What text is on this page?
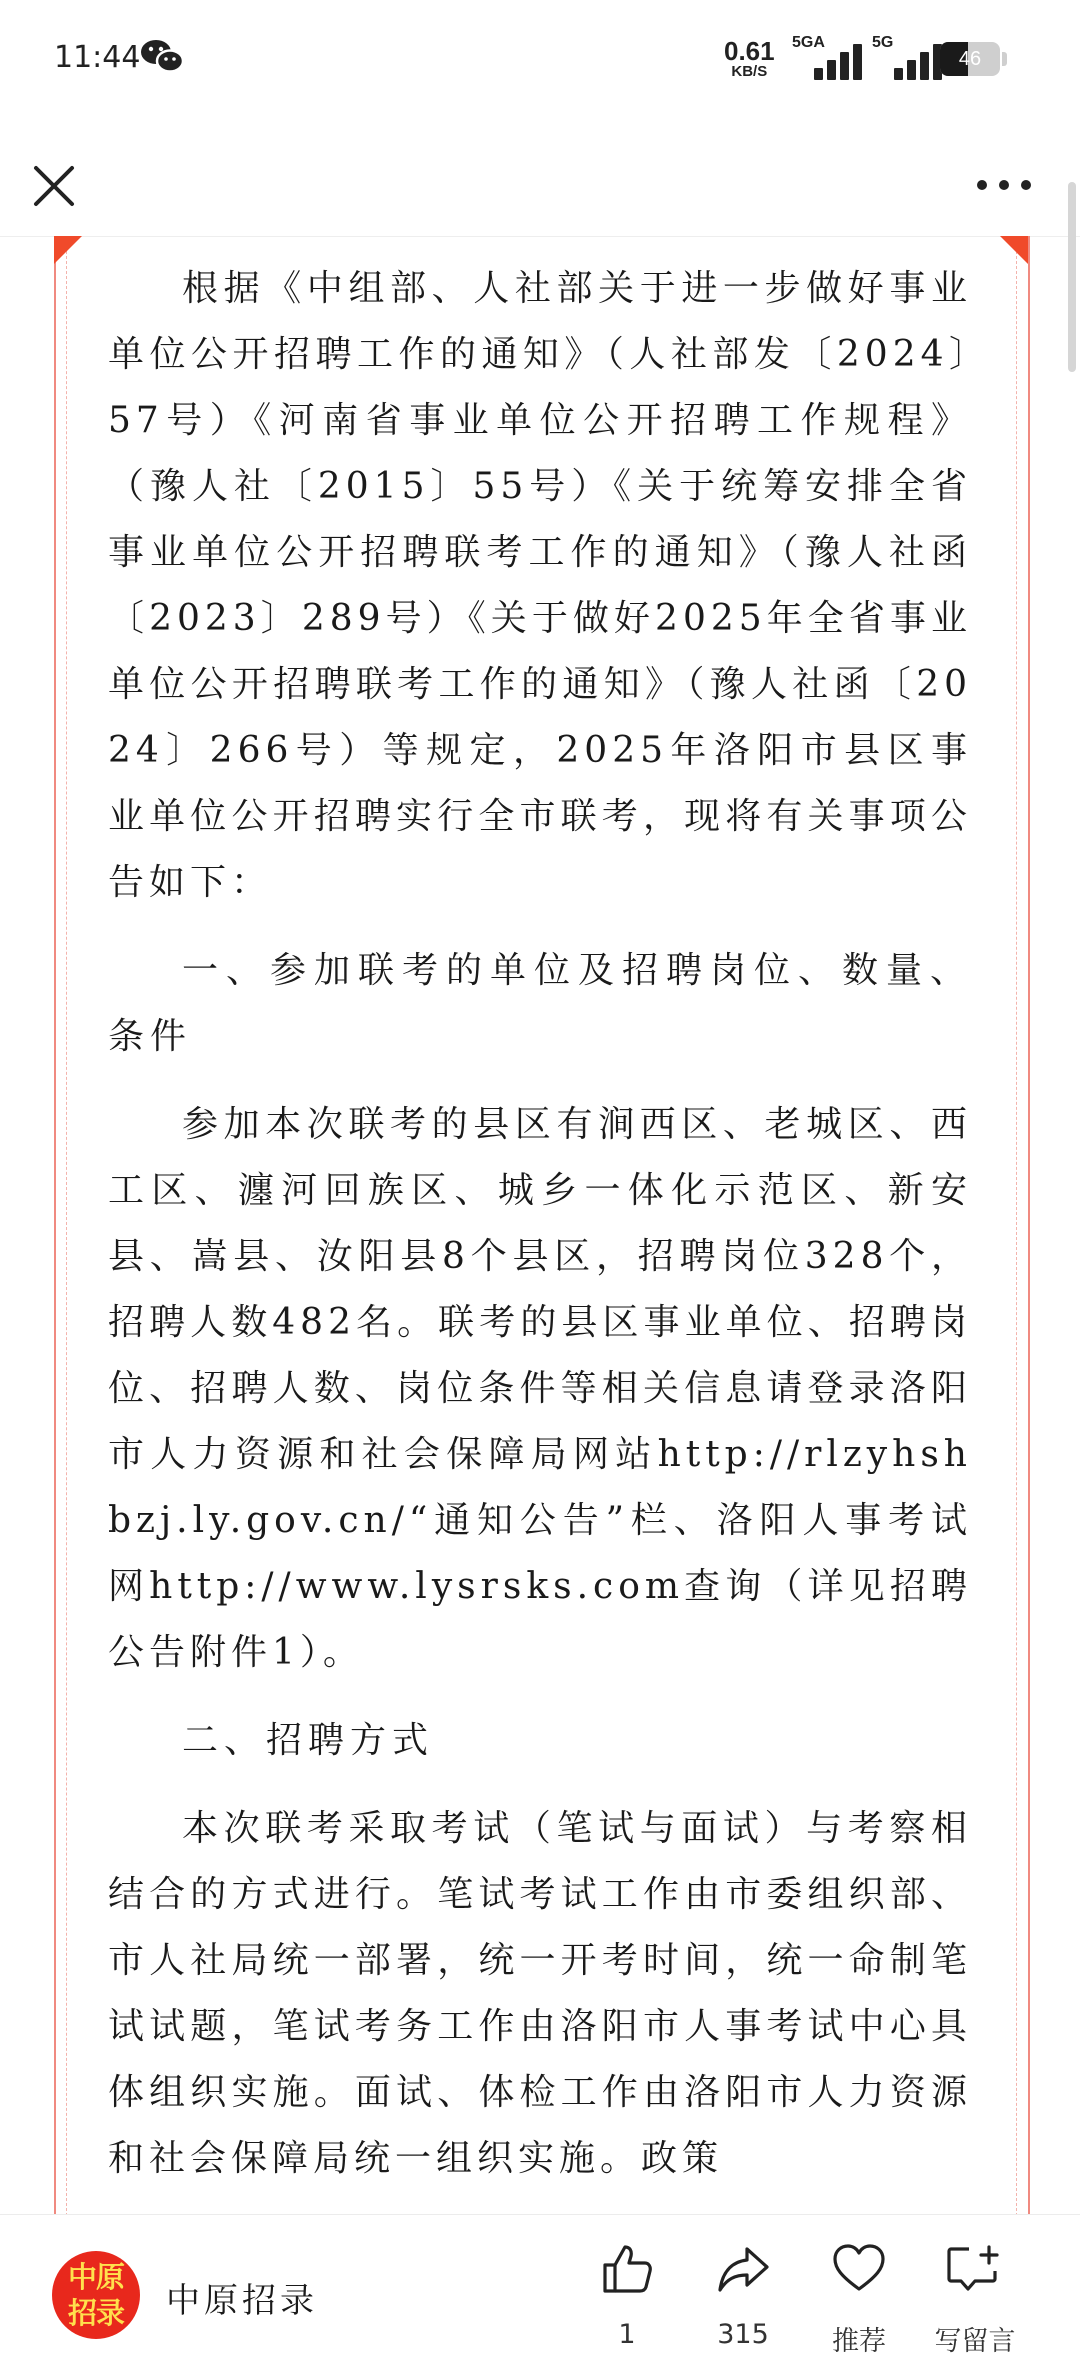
11:44	0.61
KB/S
5GA	5G
46

根据《中组部、人社部关于进一步做好事业单位公开招聘工作的通知》（人社部发〔2024〕57号）《河南省事业单位公开招聘工作规程》（豫人社〔2015〕55号）《关于统筹安排全省事业单位公开招聘联考工作的通知》（豫人社函〔2023〕289号）《关于做好2025年全省事业单位公开招聘联考工作的通知》（豫人社函〔2024〕266号）等规定，2025年洛阳市县区事业单位公开招聘实行全市联考，现将有关事项公告如下：

一、参加联考的单位及招聘岗位、数量、条件

参加本次联考的县区有涧西区、老城区、西工区、瀍河回族区、城乡一体化示范区、新安县、嵩县、汝阳县8个县区，招聘岗位328个，招聘人数482名。联考的县区事业单位、招聘岗位、招聘人数、岗位条件等相关信息请登录洛阳市人力资源和社会保障局网站http://rlzyhshbzj.ly.gov.cn/“通知公告”栏、洛阳人事考试网http://www.lysrsks.com查询（详见招聘公告附件1）。

二、招聘方式

本次联考采取考试（笔试与面试）与考察相结合的方式进行。笔试考试工作由市委组织部、市人社局统一部署，统一开考时间，统一命制笔试试题，笔试考务工作由洛阳市人事考试中心具体组织实施。面试、体检工作由洛阳市人力资源和社会保障局统一组织实施。政策

中原
招录	中原招录
1	315	推荐	写留言
